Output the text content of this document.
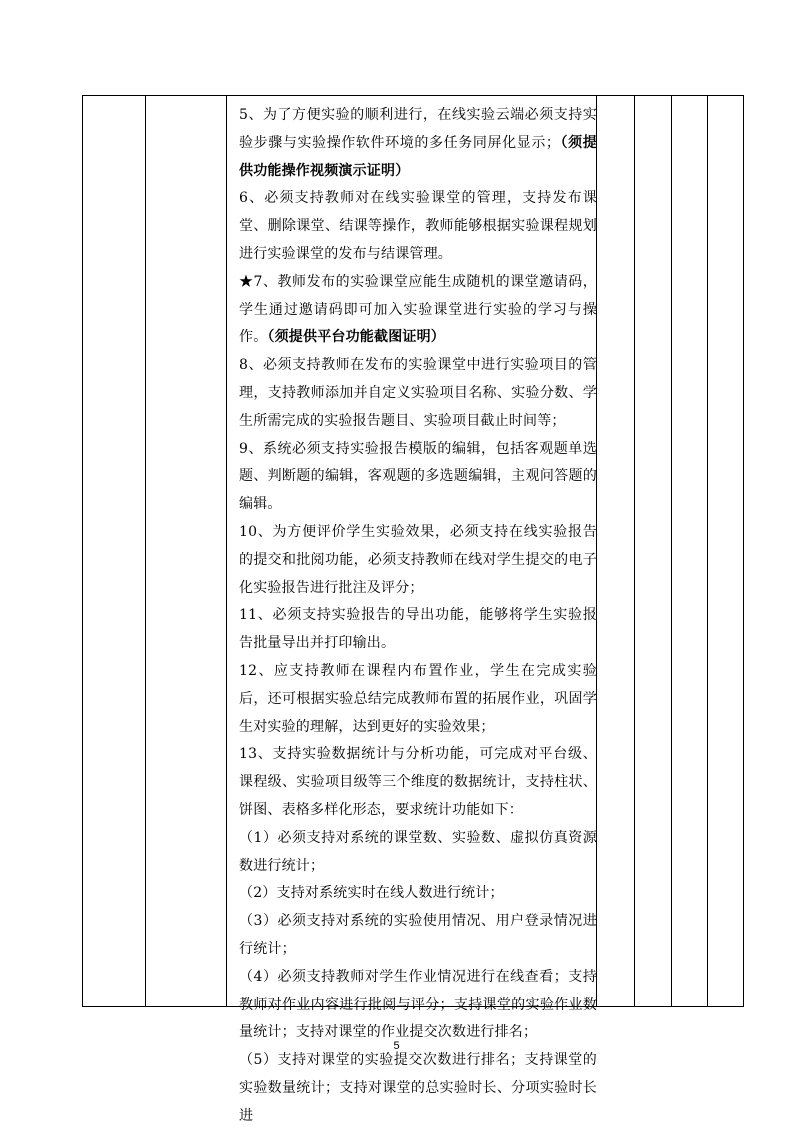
5、为了方便实验的顺利进行，在线实验云端必须支持实验步骤与实验操作软件环境的多任务同屏化显示；（须提供功能操作视频演示证明）

6、必须支持教师对在线实验课堂的管理，支持发布课堂、删除课堂、结课等操作，教师能够根据实验课程规划进行实验课堂的发布与结课管理。

★7、教师发布的实验课堂应能生成随机的课堂邀请码，学生通过邀请码即可加入实验课堂进行实验的学习与操作。（须提供平台功能截图证明）

8、必须支持教师在发布的实验课堂中进行实验项目的管理，支持教师添加并自定义实验项目名称、实验分数、学生所需完成的实验报告题目、实验项目截止时间等；

9、系统必须支持实验报告模版的编辑，包括客观题单选题、判断题的编辑，客观题的多选题编辑，主观问答题的编辑。

10、为方便评价学生实验效果，必须支持在线实验报告的提交和批阅功能，必须支持教师在线对学生提交的电子化实验报告进行批注及评分；

11、必须支持实验报告的导出功能，能够将学生实验报告批量导出并打印输出。

12、应支持教师在课程内布置作业，学生在完成实验后，还可根据实验总结完成教师布置的拓展作业，巩固学生对实验的理解，达到更好的实验效果；

13、支持实验数据统计与分析功能，可完成对平台级、课程级、实验项目级等三个维度的数据统计，支持柱状、饼图、表格多样化形态，要求统计功能如下：

（1）必须支持对系统的课堂数、实验数、虚拟仿真资源数进行统计；

（2）支持对系统实时在线人数进行统计；

（3）必须支持对系统的实验使用情况、用户登录情况进行统计；

（4）必须支持教师对学生作业情况进行在线查看；支持教师对作业内容进行批阅与评分；支持课堂的实验作业数量统计；支持对课堂的作业提交次数进行排名；

（5）支持对课堂的实验提交次数进行排名；支持课堂的实验数量统计；支持对课堂的总实验时长、分项实验时长进

5
